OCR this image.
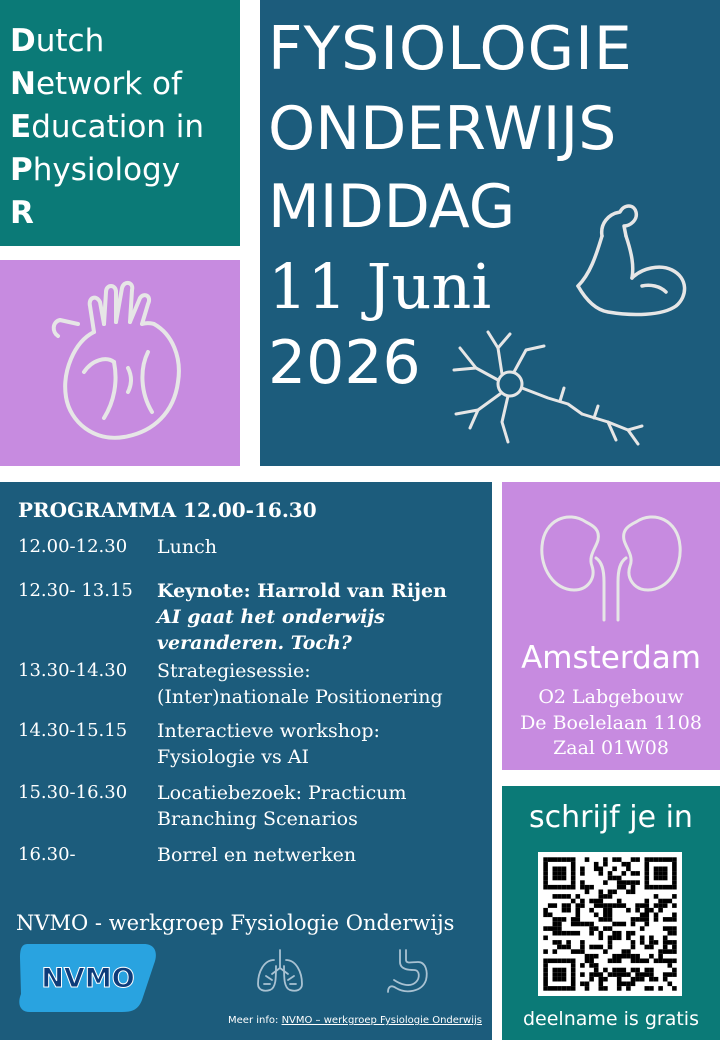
Dutch
Network of
Education in
Physiology
R
FYSIOLOGIE
ONDERWIJS
MIDDAG
11 Juni
2026
PROGRAMMA 12.00-16.30
12.00-12.30	Lunch
12.30- 13.15	Keynote: Harrold van Rijen
AI gaat het onderwijs
veranderen. Toch?
13.30-14.30	Strategiesessie:
(Inter)nationale Positionering
14.30-15.15	Interactieve workshop:
Fysiologie vs AI
15.30-16.30	Locatiebezoek: Practicum
Branching Scenarios
16.30-	Borrel en netwerken
NVMO - werkgroep Fysiologie Onderwijs
NVMO
Meer info: NVMO – werkgroep Fysiologie Onderwijs
Amsterdam
O2 Labgebouw
De Boelelaan 1108
Zaal 01W08
schrijf je in
deelname is gratis
